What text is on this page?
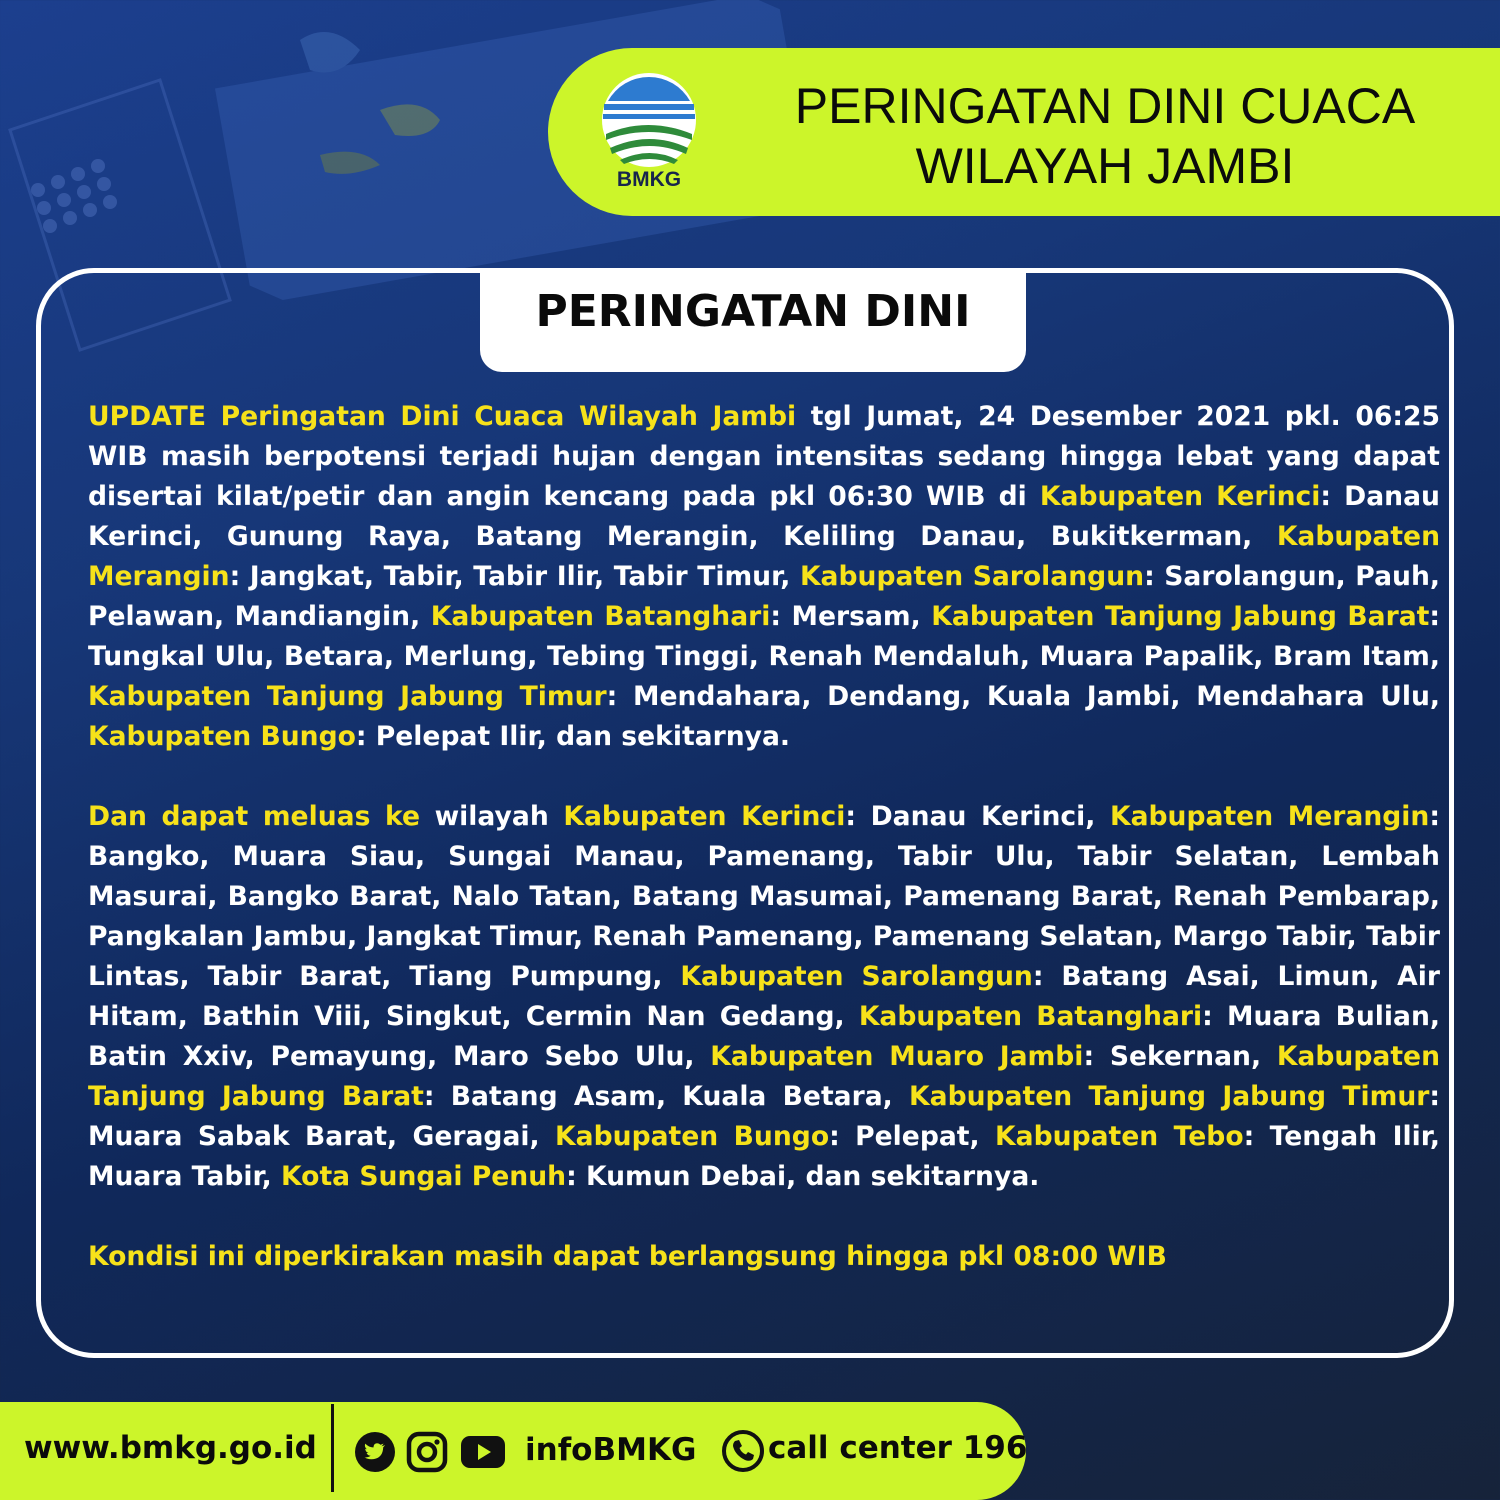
BMKG
PERINGATAN DINI CUACA
WILAYAH JAMBI
PERINGATAN DINI

UPDATE Peringatan Dini Cuaca Wilayah Jambi tgl Jumat, 24 Desember 2021 pkl. 06:25 WIB masih berpotensi terjadi hujan dengan intensitas sedang hingga lebat yang dapat disertai kilat/petir dan angin kencang pada pkl 06:30 WIB di Kabupaten Kerinci: Danau Kerinci, Gunung Raya, Batang Merangin, Keliling Danau, Bukitkerman, Kabupaten Merangin: Jangkat, Tabir, Tabir Ilir, Tabir Timur, Kabupaten Sarolangun: Sarolangun, Pauh, Pelawan, Mandiangin, Kabupaten Batanghari: Mersam, Kabupaten Tanjung Jabung Barat: Tungkal Ulu, Betara, Merlung, Tebing Tinggi, Renah Mendaluh, Muara Papalik, Bram Itam, Kabupaten Tanjung Jabung Timur: Mendahara, Dendang, Kuala Jambi, Mendahara Ulu, Kabupaten Bungo: Pelepat Ilir, dan sekitarnya.

Dan dapat meluas ke wilayah Kabupaten Kerinci: Danau Kerinci, Kabupaten Merangin: Bangko, Muara Siau, Sungai Manau, Pamenang, Tabir Ulu, Tabir Selatan, Lembah Masurai, Bangko Barat, Nalo Tatan, Batang Masumai, Pamenang Barat, Renah Pembarap, Pangkalan Jambu, Jangkat Timur, Renah Pamenang, Pamenang Selatan, Margo Tabir, Tabir Lintas, Tabir Barat, Tiang Pumpung, Kabupaten Sarolangun: Batang Asai, Limun, Air Hitam, Bathin Viii, Singkut, Cermin Nan Gedang, Kabupaten Batanghari: Muara Bulian, Batin Xxiv, Pemayung, Maro Sebo Ulu, Kabupaten Muaro Jambi: Sekernan, Kabupaten Tanjung Jabung Barat: Batang Asam, Kuala Betara, Kabupaten Tanjung Jabung Timur: Muara Sabak Barat, Geragai, Kabupaten Bungo: Pelepat, Kabupaten Tebo: Tengah Ilir, Muara Tabir, Kota Sungai Penuh: Kumun Debai, dan sekitarnya.

Kondisi ini diperkirakan masih dapat berlangsung hingga pkl 08:00 WIB

www.bmkg.go.id	infoBMKG call center 196
